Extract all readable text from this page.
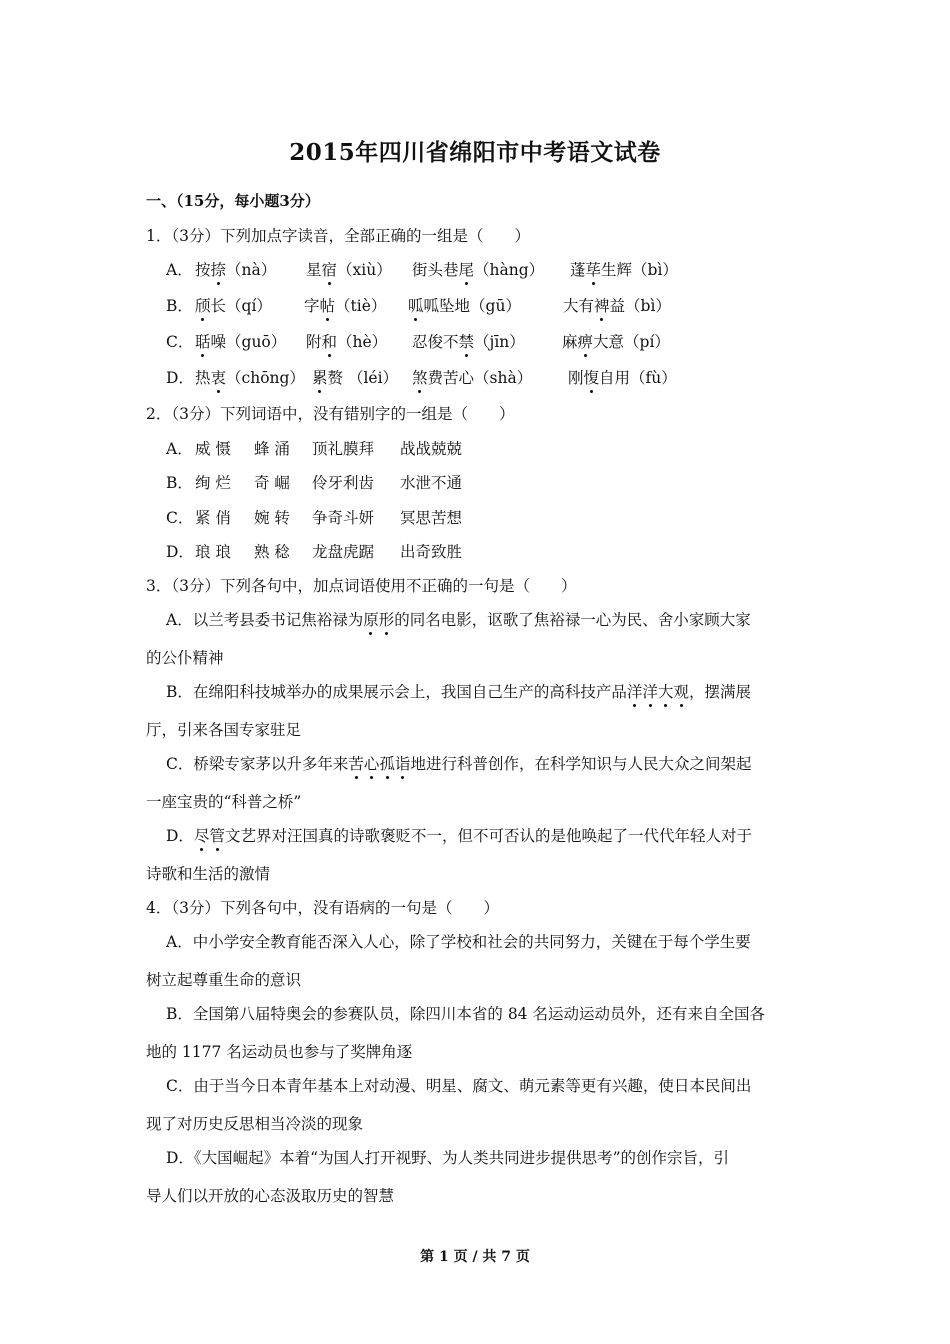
2015年四川省绵阳市中考语文试卷
一、（15分，每小题3分）
1．（3分）下列加点字读音，全部正确的一组是（　　）
A． 按捺（nà） 星宿（xiù） 街头巷尾（hàng） 蓬荜生辉（bì）
B． 颀长（qí） 字帖（tiè） 呱呱坠地（gū）	大有裨益（bì）
C． 聒噪（guō） 附和（hè） 忍俊不禁（jīn） 麻痹大意（pí）
D． 热衷（chōng） 累赘 （léi） 煞费苦心（shà） 刚愎自用（fù）
2．（3分）下列词语中，没有错别字的一组是（　　）
A． 威 慑 蜂 涌 顶礼膜拜 战战兢兢
B． 绚 烂 奇 崛 伶牙利齿 水泄不通
C． 紧 俏 婉 转 争奇斗妍 冥思苦想
D． 琅 琅 熟 稔 龙盘虎踞 出奇致胜
3．（3分）下列各句中，加点词语使用不正确的一句是（　　）
A．以兰考县委书记焦裕禄为原形的同名电影，讴歌了焦裕禄一心为民、舍小家顾大家
的公仆精神
B．在绵阳科技城举办的成果展示会上，我国自己生产的高科技产品洋洋大观，摆满展
厅，引来各国专家驻足
C．桥梁专家茅以升多年来苦心孤诣地进行科普创作，在科学知识与人民大众之间架起
一座宝贵的“科普之桥”
D．尽管文艺界对汪国真的诗歌褒贬不一，但不可否认的是他唤起了一代代年轻人对于
诗歌和生活的激情
4．（3分）下列各句中，没有语病的一句是（　　）
A．中小学安全教育能否深入人心，除了学校和社会的共同努力，关键在于每个学生要
树立起尊重生命的意识
B．全国第八届特奥会的参赛队员，除四川本省的 84 名运动运动员外，还有来自全国各
地的 1177 名运动员也参与了奖牌角逐
C．由于当今日本青年基本上对动漫、明星、腐文、萌元素等更有兴趣，使日本民间出
现了对历史反思相当冷淡的现象
D．《大国崛起》本着“为国人打开视野、为人类共同进步提供思考”的创作宗旨，引
导人们以开放的心态汲取历史的智慧
第 1 页 / 共 7 页
